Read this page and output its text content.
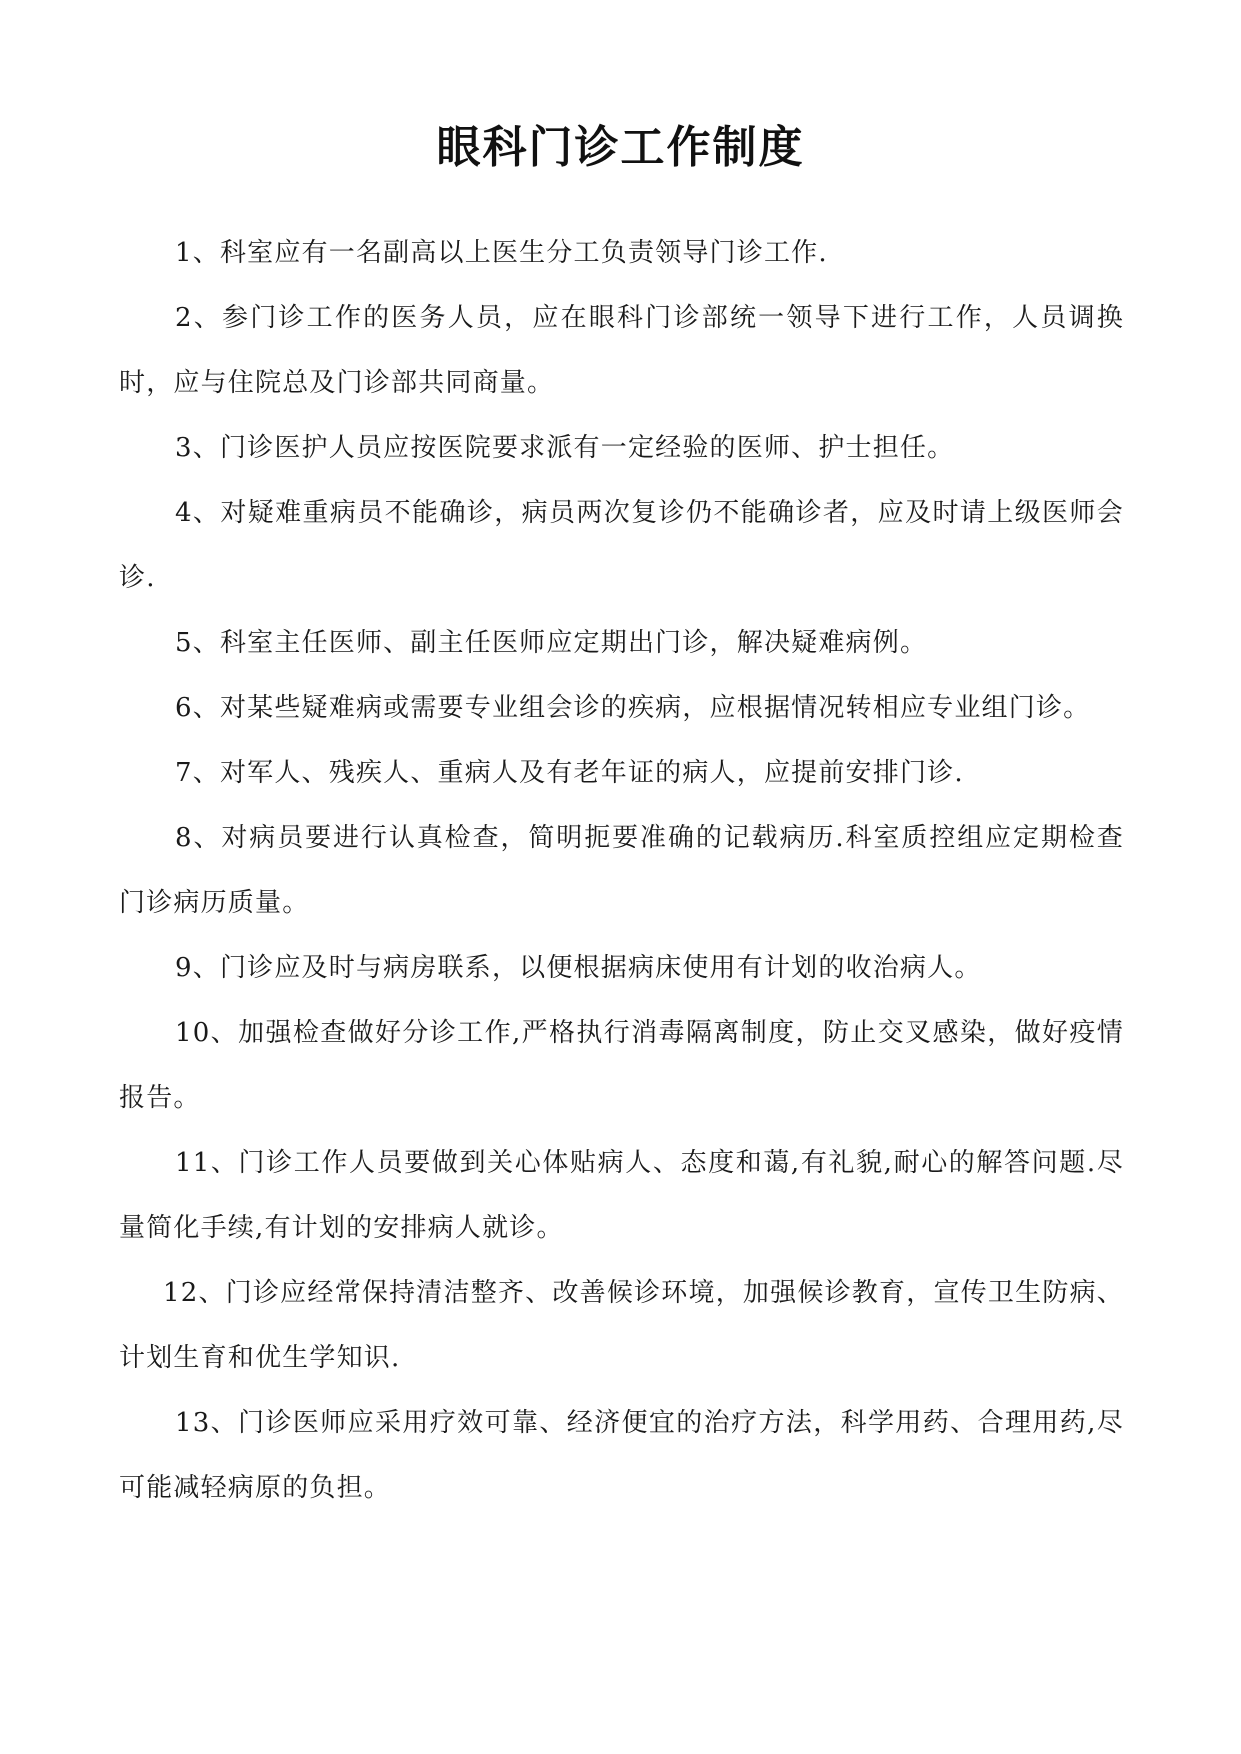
眼科门诊工作制度

1、科室应有一名副高以上医生分工负责领导门诊工作.

2、参门诊工作的医务人员，应在眼科门诊部统一领导下进行工作，人员调换时，应与住院总及门诊部共同商量。

3、门诊医护人员应按医院要求派有一定经验的医师、护士担任。

4、对疑难重病员不能确诊，病员两次复诊仍不能确诊者，应及时请上级医师会诊.

5、科室主任医师、副主任医师应定期出门诊，解决疑难病例。

6、对某些疑难病或需要专业组会诊的疾病，应根据情况转相应专业组门诊。

7、对军人、残疾人、重病人及有老年证的病人，应提前安排门诊.

8、对病员要进行认真检查，简明扼要准确的记载病历.科室质控组应定期检查门诊病历质量。

9、门诊应及时与病房联系，以便根据病床使用有计划的收治病人。

10、加强检查做好分诊工作,严格执行消毒隔离制度，防止交叉感染，做好疫情报告。

11、门诊工作人员要做到关心体贴病人、态度和蔼,有礼貌,耐心的解答问题.尽量简化手续,有计划的安排病人就诊。

12、门诊应经常保持清洁整齐、改善候诊环境，加强候诊教育，宣传卫生防病、计划生育和优生学知识.

13、门诊医师应采用疗效可靠、经济便宜的治疗方法，科学用药、合理用药,尽可能减轻病原的负担。
